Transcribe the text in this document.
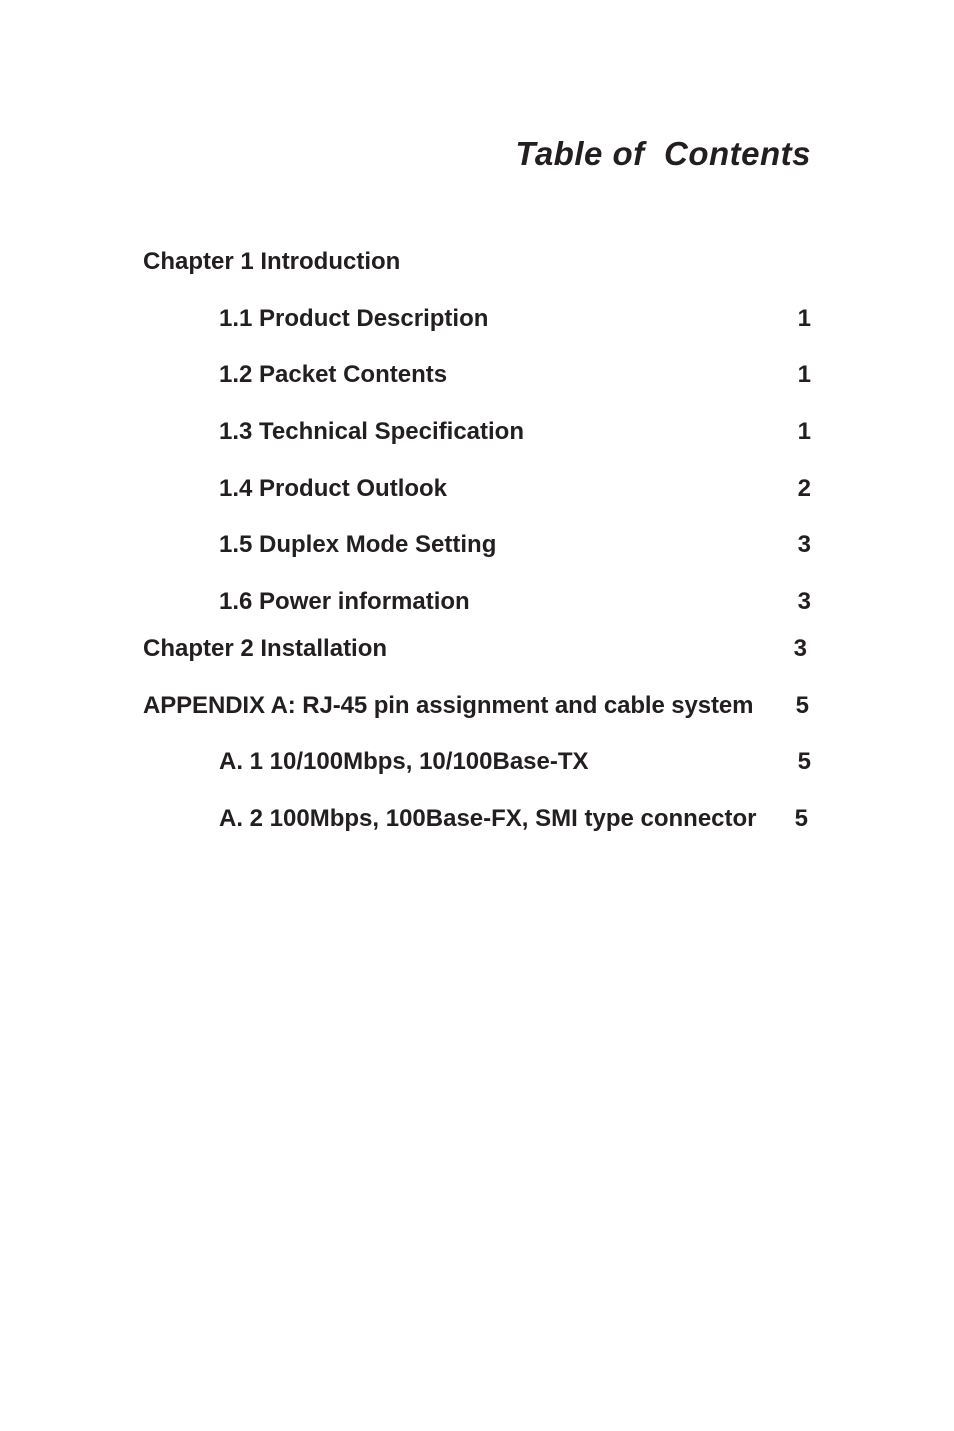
Table of  Contents
Chapter 1 Introduction
1.1 Product Description	1
1.2 Packet Contents	1
1.3 Technical Specification	1
1.4 Product Outlook	2
1.5 Duplex Mode Setting	3
1.6 Power information	3
Chapter 2 Installation	3
APPENDIX A: RJ-45 pin assignment and cable system 5
A. 1 10/100Mbps, 10/100Base-TX	5
A. 2 100Mbps, 100Base-FX, SMI type connector 5
